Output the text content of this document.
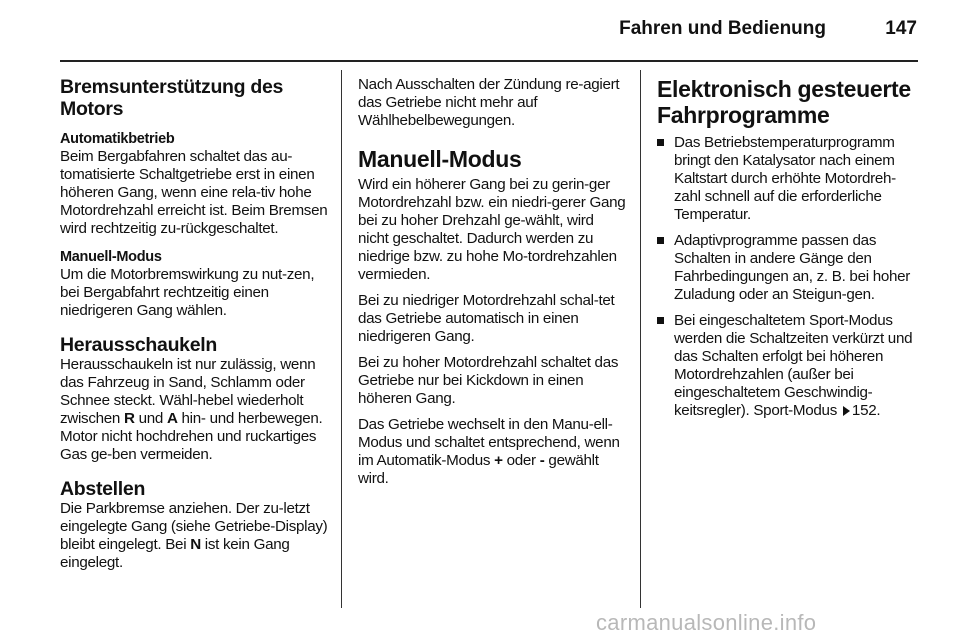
Fahren und Bedienung	147
Bremsunterstützung des Motors
Automatikbetrieb

Beim Bergabfahren schaltet das au-tomatisierte Schaltgetriebe erst in einen höheren Gang, wenn eine rela-tiv hohe Motordrehzahl erreicht ist. Beim Bremsen wird rechtzeitig zu-rückgeschaltet.

Manuell-Modus

Um die Motorbremswirkung zu nut-zen, bei Bergabfahrt rechtzeitig einen niedrigeren Gang wählen.

Herausschaukeln

Herausschaukeln ist nur zulässig, wenn das Fahrzeug in Sand, Schlamm oder Schnee steckt. Wähl-hebel wiederholt zwischen R und A hin- und herbewegen. Motor nicht hochdrehen und ruckartiges Gas ge-ben vermeiden.

Abstellen

Die Parkbremse anziehen. Der zu-letzt eingelegte Gang (siehe Getriebe-Display) bleibt eingelegt. Bei N ist kein Gang eingelegt.

Nach Ausschalten der Zündung re-agiert das Getriebe nicht mehr auf Wählhebelbewegungen.

Manuell-Modus

Wird ein höherer Gang bei zu gerin-ger Motordrehzahl bzw. ein niedri-gerer Gang bei zu hoher Drehzahl ge-wählt, wird nicht geschaltet. Dadurch werden zu niedrige bzw. zu hohe Mo-tordrehzahlen vermieden.

Bei zu niedriger Motordrehzahl schal-tet das Getriebe automatisch in einen niedrigeren Gang.

Bei zu hoher Motordrehzahl schaltet das Getriebe nur bei Kickdown in einen höheren Gang.

Das Getriebe wechselt in den Manu-ell-Modus und schaltet entsprechend, wenn im Automatik-Modus + oder - gewählt wird.

Elektronisch gesteuerte Fahrprogramme
Das Betriebstemperaturprogramm bringt den Katalysator nach einem Kaltstart durch erhöhte Motordreh-zahl schnell auf die erforderliche Temperatur.
Adaptivprogramme passen das Schalten in andere Gänge den Fahrbedingungen an, z. B. bei hoher Zuladung oder an Steigun-gen.
Bei eingeschaltetem Sport-Modus werden die Schaltzeiten verkürzt und das Schalten erfolgt bei höheren Motordrehzahlen (außer bei eingeschaltetem Geschwindig-keitsregler). Sport-Modus 152.
carmanualsonline.info
